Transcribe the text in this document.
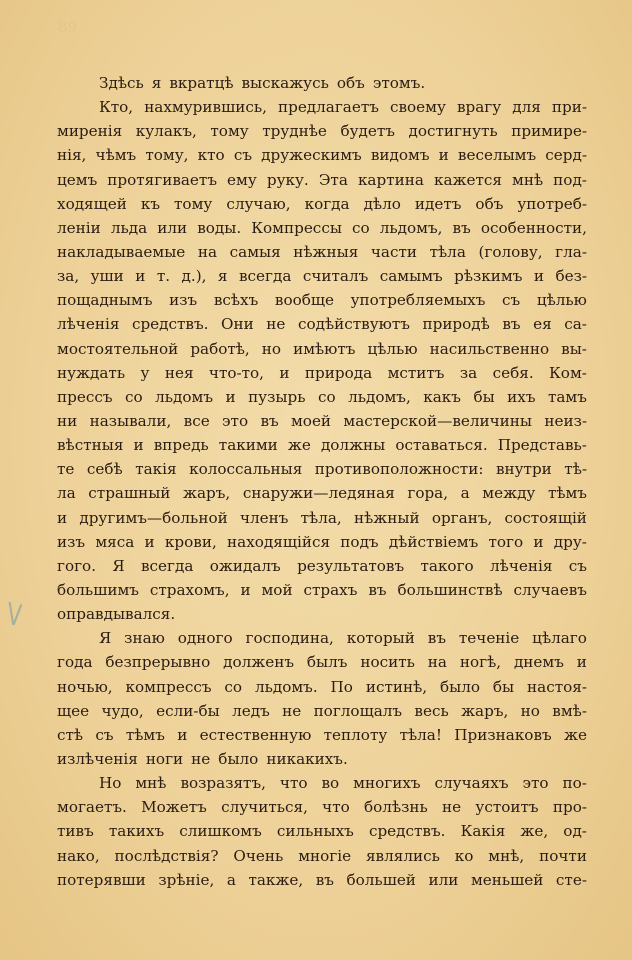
89
V
Здѣсь я вкратцѣ выскажусь объ этомъ.
Кто, нахмурившись, предлагаетъ своему врагу для при-
миренія кулакъ, тому труднѣе будетъ достигнуть примире-
нія, чѣмъ тому, кто съ дружескимъ видомъ и веселымъ серд-
цемъ протягиваетъ ему руку. Эта картина кажется мнѣ под-
ходящей къ тому случаю, когда дѣло идетъ объ употреб-
леніи льда или воды. Компрессы со льдомъ, въ особенности,
накладываемые на самыя нѣжныя части тѣла (голову, гла-
за, уши и т. д.), я всегда считалъ самымъ рѣзкимъ и без-
пощаднымъ изъ всѣхъ вообще употребляемыхъ съ цѣлью
лѣченія средствъ. Они не содѣйствуютъ природѣ въ ея са-
мостоятельной работѣ, но имѣютъ цѣлью насильственно вы-
нуждать у нея что-то, и природа мститъ за себя. Ком-
прессъ со льдомъ и пузырь со льдомъ, какъ бы ихъ тамъ
ни называли, все это въ моей мастерской—величины неиз-
вѣстныя и впредь такими же должны оставаться. Представь-
те себѣ такія колоссальныя противоположности: внутри тѣ-
ла страшный жаръ, снаружи—ледяная гора, а между тѣмъ
и другимъ—больной членъ тѣла, нѣжный органъ, состоящій
изъ мяса и крови, находящійся подъ дѣйствіемъ того и дру-
гого. Я всегда ожидалъ результатовъ такого лѣченія съ
большимъ страхомъ, и мой страхъ въ большинствѣ случаевъ
оправдывался.
Я знаю одного господина, который въ теченіе цѣлаго
года безпрерывно долженъ былъ носить на ногѣ, днемъ и
ночью, компрессъ со льдомъ. По истинѣ, было бы настоя-
щее чудо, если-бы ледъ не поглощалъ весь жаръ, но вмѣ-
стѣ съ тѣмъ и естественную теплоту тѣла! Признаковъ же
излѣченія ноги не было никакихъ.
Но мнѣ возразятъ, что во многихъ случаяхъ это по-
могаетъ. Можетъ случиться, что болѣзнь не устоитъ про-
тивъ такихъ слишкомъ сильныхъ средствъ. Какія же, од-
нако, послѣдствія? Очень многіе являлись ко мнѣ, почти
потерявши зрѣніе, а также, въ большей или меньшей сте-
